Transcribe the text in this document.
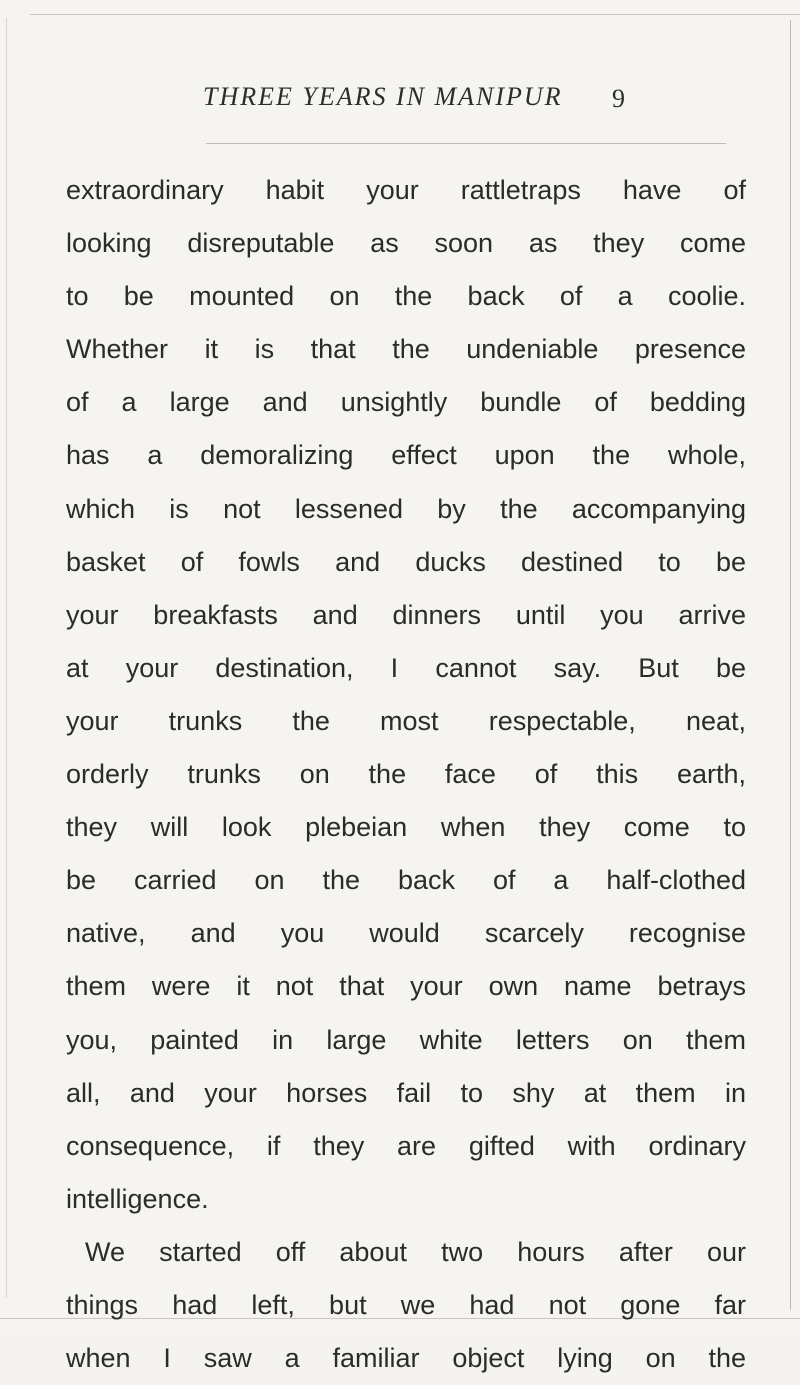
THREE YEARS IN MANIPUR 9
extraordinary habit your rattletraps have of
looking disreputable as soon as they come
to be mounted on the back of a coolie.
Whether it is that the undeniable presence
of a large and unsightly bundle of bedding
has a demoralizing effect upon the whole,
which is not lessened by the accompanying
basket of fowls and ducks destined to be
your breakfasts and dinners until you arrive
at your destination, I cannot say. But be
your trunks the most respectable, neat,
orderly trunks on the face of this earth,
they will look plebeian when they come to
be carried on the back of a half-clothed
native, and you would scarcely recognise
them were it not that your own name betrays
you, painted in large white letters on them
all, and your horses fail to shy at them in
consequence, if they are gifted with ordinary
intelligence.
We started off about two hours after our
things had left, but we had not gone far
when I saw a familiar object lying on the
